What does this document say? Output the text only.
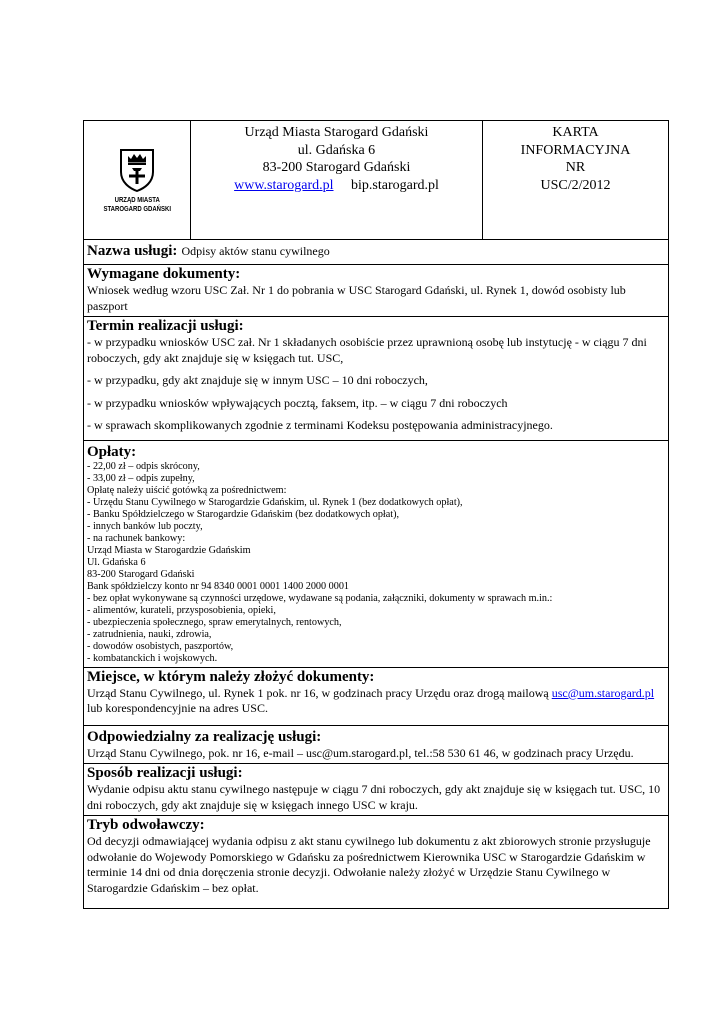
URZĄD MIASTA
STAROGARD GDAŃSKI
Urząd Miasta Starogard Gdański
ul. Gdańska 6
83-200 Starogard Gdański
www.starogard.pl bip.starogard.pl
KARTA
INFORMACYJNA
NR
USC/2/2012
Nazwa usługi: Odpisy aktów stanu cywilnego
Wymagane dokumenty:
Wniosek według wzoru USC Zał. Nr 1 do pobrania w USC Starogard Gdański, ul. Rynek 1, dowód osobisty lub paszport
Termin realizacji usługi:
- w przypadku wniosków USC zał. Nr 1 składanych osobiście przez uprawnioną osobę lub instytucję - w ciągu 7 dni roboczych, gdy akt znajduje się w księgach tut. USC,
- w przypadku, gdy akt znajduje się w innym USC – 10 dni roboczych,
- w przypadku wniosków wpływających pocztą, faksem, itp. – w ciągu 7 dni roboczych
- w sprawach skomplikowanych zgodnie z terminami Kodeksu postępowania administracyjnego.
Opłaty:
- 22,00 zł – odpis skrócony,
- 33,00 zł – odpis zupełny,
Opłatę należy uiścić gotówką za pośrednictwem:
- Urzędu Stanu Cywilnego w Starogardzie Gdańskim, ul. Rynek 1 (bez dodatkowych opłat),
- Banku Spółdzielczego w Starogardzie Gdańskim (bez dodatkowych opłat),
- innych banków lub poczty,
- na rachunek bankowy:
Urząd Miasta w Starogardzie Gdańskim
Ul. Gdańska 6
83-200 Starogard Gdański
Bank spółdzielczy konto nr 94 8340 0001 0001 1400 2000 0001
- bez opłat wykonywane są czynności urzędowe, wydawane są podania, załączniki, dokumenty w sprawach m.in.:
- alimentów, kurateli, przysposobienia, opieki,
- ubezpieczenia społecznego, spraw emerytalnych, rentowych,
- zatrudnienia, nauki, zdrowia,
- dowodów osobistych, paszportów,
- kombatanckich i wojskowych.
Miejsce, w którym należy złożyć dokumenty:
Urząd Stanu Cywilnego, ul. Rynek 1 pok. nr 16, w godzinach pracy Urzędu oraz drogą mailową usc@um.starogard.pl lub korespondencyjnie na adres USC.
Odpowiedzialny za realizację usługi:
Urząd Stanu Cywilnego, pok. nr 16, e-mail – usc@um.starogard.pl, tel.:58 530 61 46, w godzinach pracy Urzędu.
Sposób realizacji usługi:
Wydanie odpisu aktu stanu cywilnego następuje w ciągu 7 dni roboczych, gdy akt znajduje się w księgach tut. USC, 10 dni roboczych, gdy akt znajduje się w księgach innego USC w kraju.
Tryb odwoławczy:
Od decyzji odmawiającej wydania odpisu z akt stanu cywilnego lub dokumentu z akt zbiorowych stronie przysługuje odwołanie do Wojewody Pomorskiego w Gdańsku za pośrednictwem Kierownika USC w Starogardzie Gdańskim w terminie 14 dni od dnia doręczenia stronie decyzji. Odwołanie należy złożyć w Urzędzie Stanu Cywilnego w Starogardzie Gdańskim – bez opłat.
